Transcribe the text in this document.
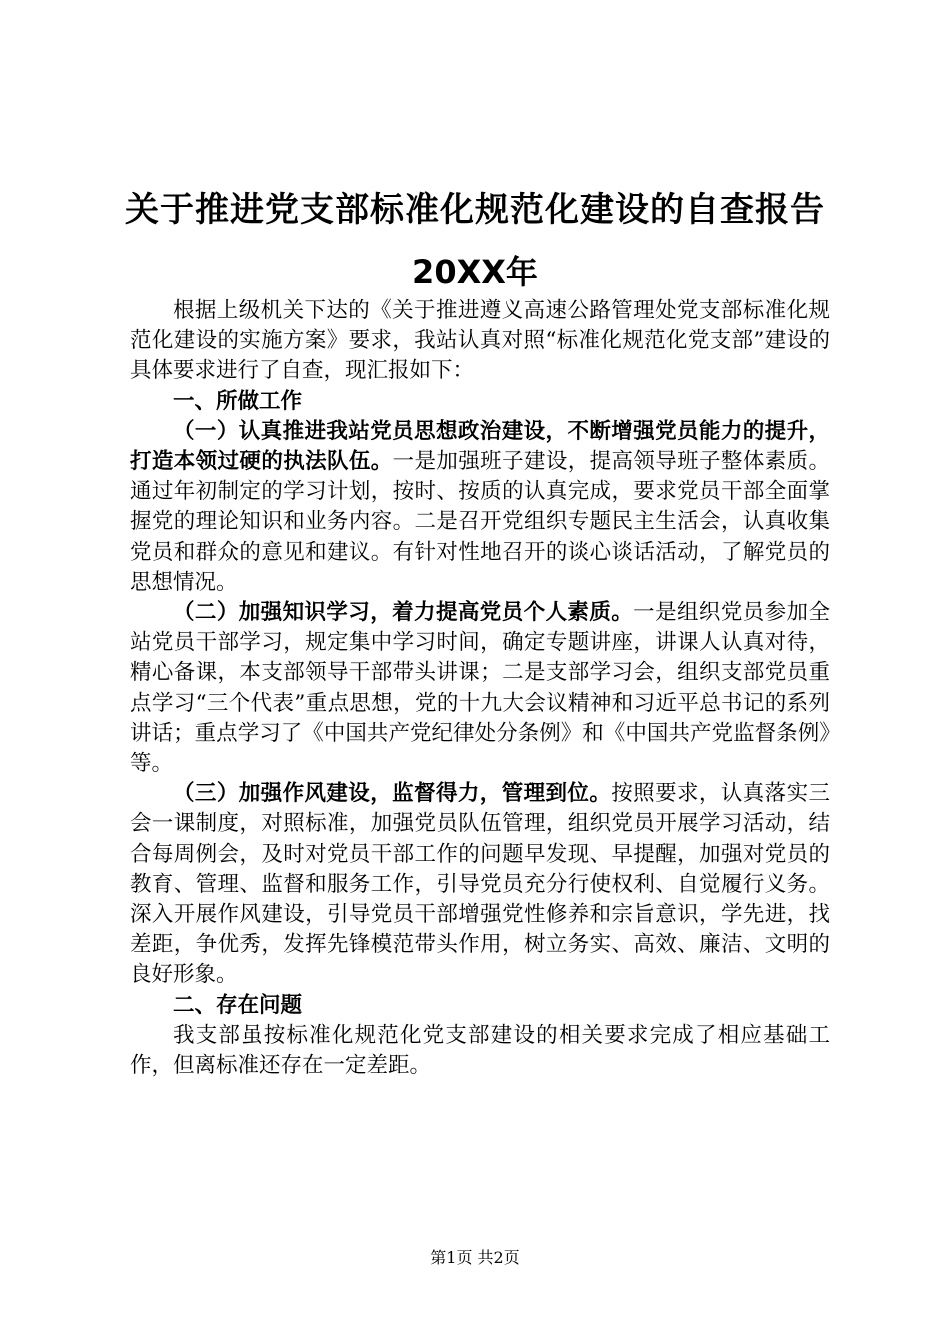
关于推进党支部标准化规范化建设的自查报告
20XX年

根据上级机关下达的《关于推进遵义高速公路管理处党支部标准化规范化建设的实施方案》要求，我站认真对照“标准化规范化党支部”建设的具体要求进行了自查，现汇报如下：

一、所做工作

（一）认真推进我站党员思想政治建设，不断增强党员能力的提升，打造本领过硬的执法队伍。一是加强班子建设，提高领导班子整体素质。通过年初制定的学习计划，按时、按质的认真完成，要求党员干部全面掌握党的理论知识和业务内容。二是召开党组织专题民主生活会，认真收集党员和群众的意见和建议。有针对性地召开的谈心谈话活动，了解党员的思想情况。

（二）加强知识学习，着力提高党员个人素质。一是组织党员参加全站党员干部学习，规定集中学习时间，确定专题讲座，讲课人认真对待，精心备课，本支部领导干部带头讲课；二是支部学习会，组织支部党员重点学习“三个代表”重点思想，党的十九大会议精神和习近平总书记的系列讲话；重点学习了《中国共产党纪律处分条例》和《中国共产党监督条例》等。

（三）加强作风建设，监督得力，管理到位。按照要求，认真落实三会一课制度，对照标准，加强党员队伍管理，组织党员开展学习活动，结合每周例会，及时对党员干部工作的问题早发现、早提醒，加强对党员的教育、管理、监督和服务工作，引导党员充分行使权利、自觉履行义务。深入开展作风建设，引导党员干部增强党性修养和宗旨意识，学先进，找差距，争优秀，发挥先锋模范带头作用，树立务实、高效、廉洁、文明的良好形象。

二、存在问题

我支部虽按标准化规范化党支部建设的相关要求完成了相应基础工作，但离标准还存在一定差距。

第1页 共2页
